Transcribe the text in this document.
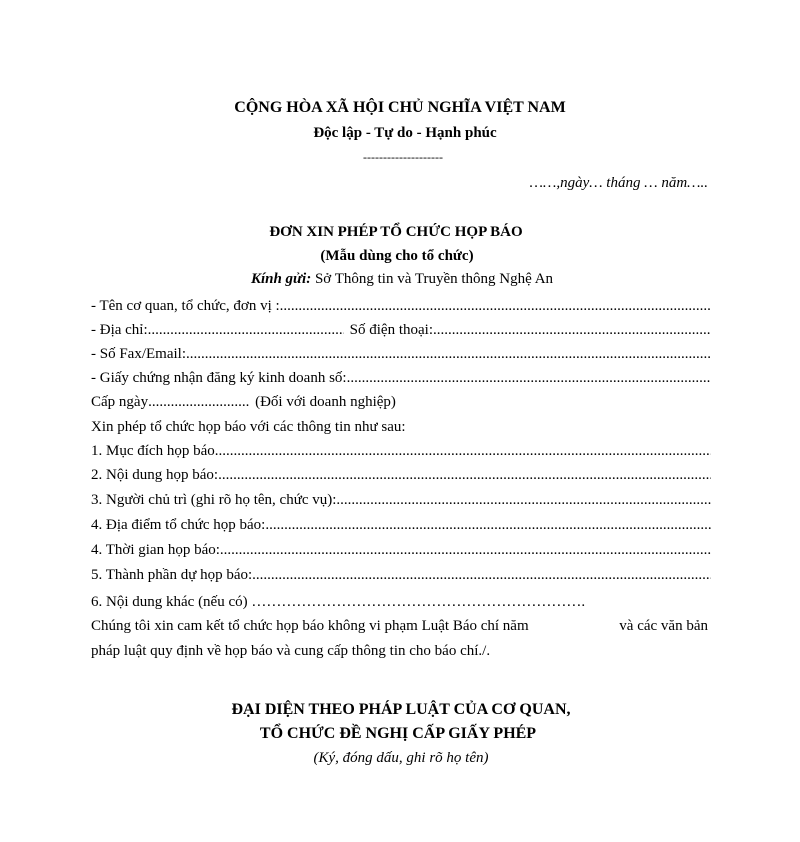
CỘNG HÒA XÃ HỘI CHỦ NGHĨA VIỆT NAM
Độc lập - Tự do - Hạnh phúc
--------------------
……,ngày… tháng … năm…..
ĐƠN XIN PHÉP TỔ CHỨC HỌP BÁO
(Mẫu dùng cho tổ chức)
Kính gửi: Sở Thông tin và Truyền thông Nghệ An
- Tên cơ quan, tổ chức, đơn vị :
.....
- Địa chỉ: .....	Số điện thoại:
.....
- Số Fax/Email:
.....
- Giấy chứng nhận đăng ký kinh doanh số:
.....
Cấp ngày .....	(Đối với doanh nghiệp)
Xin phép tổ chức họp báo với các thông tin như sau:
1. Mục đích họp báo
.....
2. Nội dung họp báo:
.....
3. Người chủ trì (ghi rõ họ tên, chức vụ):
.....
4. Địa điểm tổ chức họp báo:
.....
4. Thời gian họp báo:
.....
5. Thành phần dự họp báo:
.....
6. Nội dung khác (nếu có) ………………………………………………………….
Chúng tôi xin cam kết tổ chức họp báo không vi phạm Luật Báo chí năm	và các văn bản
pháp luật quy định về họp báo và cung cấp thông tin cho báo chí./.
ĐẠI DIỆN THEO PHÁP LUẬT CỦA CƠ QUAN,
TỔ CHỨC ĐỀ NGHỊ CẤP GIẤY PHÉP
(Ký, đóng dấu, ghi rõ họ tên)
